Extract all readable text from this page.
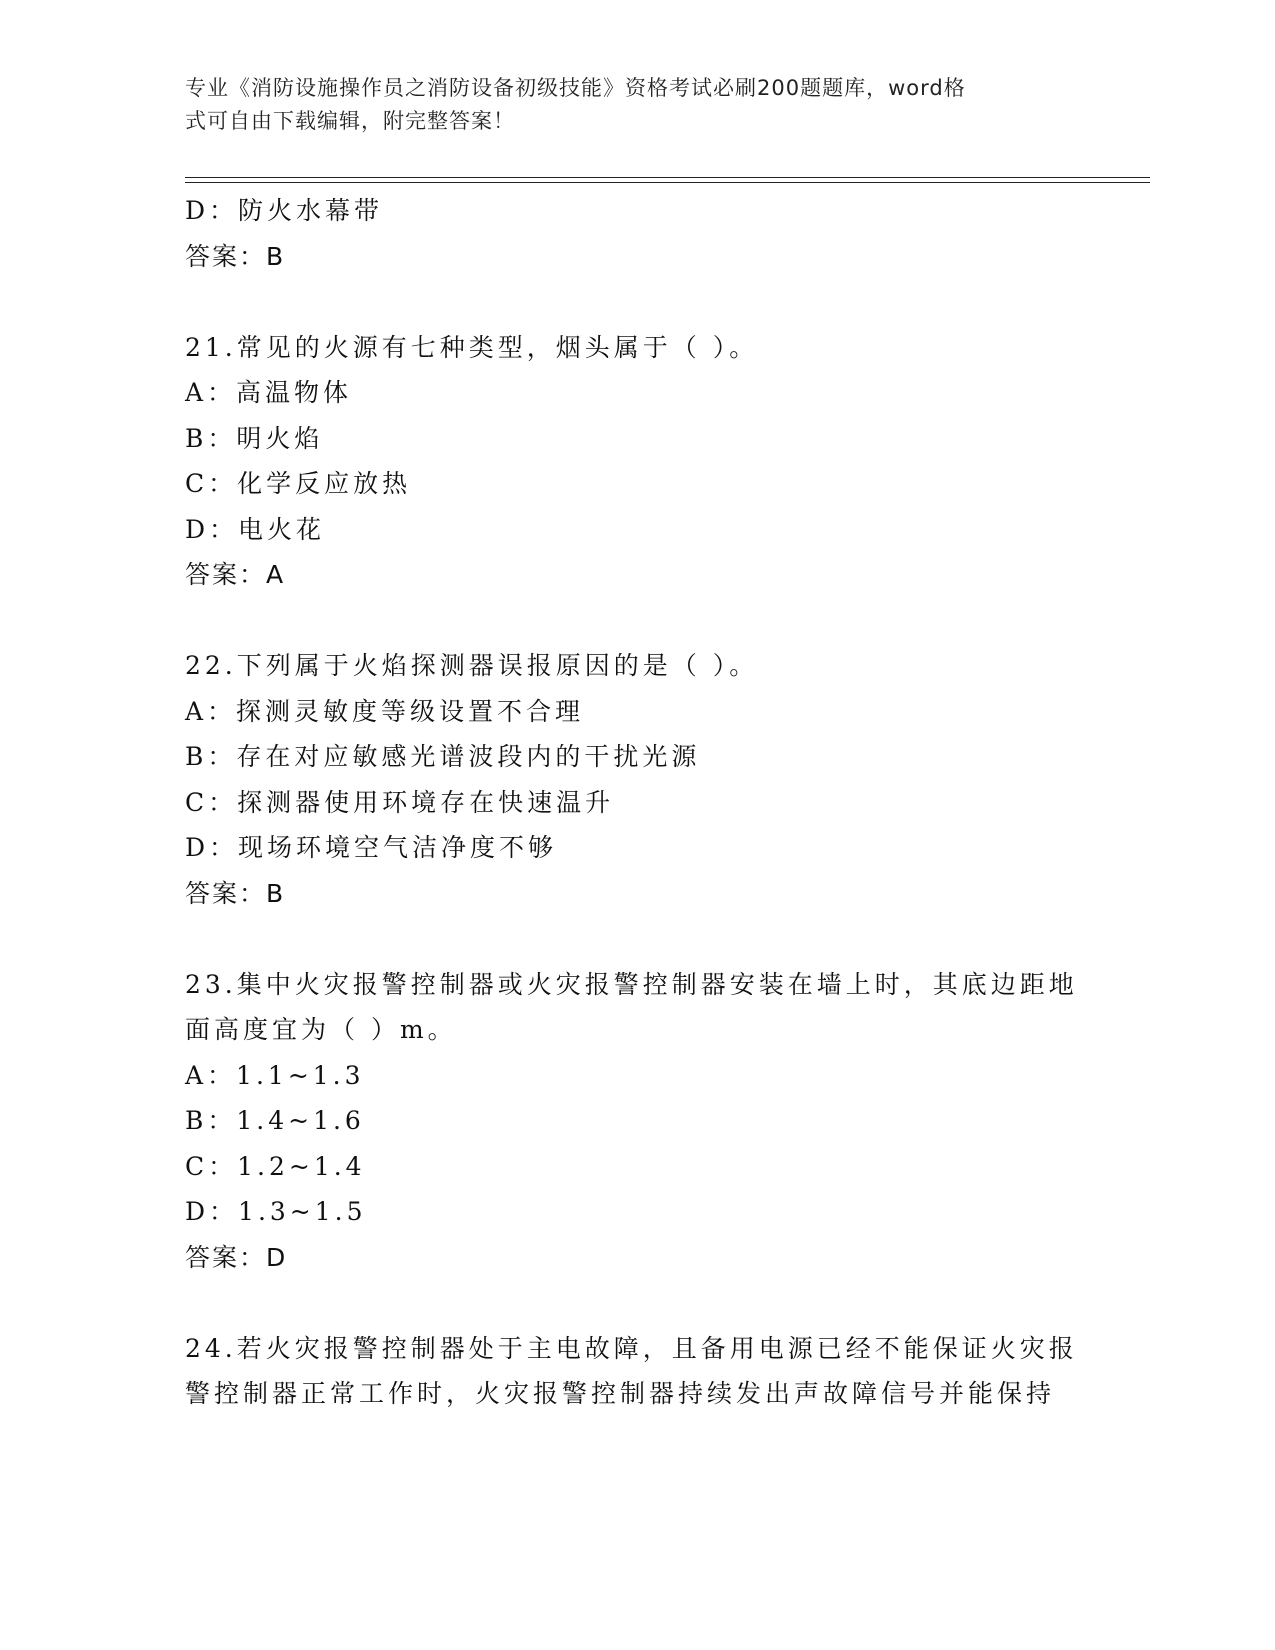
专业《消防设施操作员之消防设备初级技能》资格考试必刷200题题库，word格
式可自由下载编辑，附完整答案！
D：防火水幕带
答案：B
21.常见的火源有七种类型，烟头属于（ ）。
A：高温物体
B：明火焰
C：化学反应放热
D：电火花
答案：A
22.下列属于火焰探测器误报原因的是（ ）。
A：探测灵敏度等级设置不合理
B：存在对应敏感光谱波段内的干扰光源
C：探测器使用环境存在快速温升
D：现场环境空气洁净度不够
答案：B
23.集中火灾报警控制器或火灾报警控制器安装在墙上时，其底边距地
面高度宜为（ ）m。
A：1.1~1.3
B：1.4~1.6
C：1.2~1.4
D：1.3~1.5
答案：D
24.若火灾报警控制器处于主电故障，且备用电源已经不能保证火灾报
警控制器正常工作时，火灾报警控制器持续发出声故障信号并能保持
